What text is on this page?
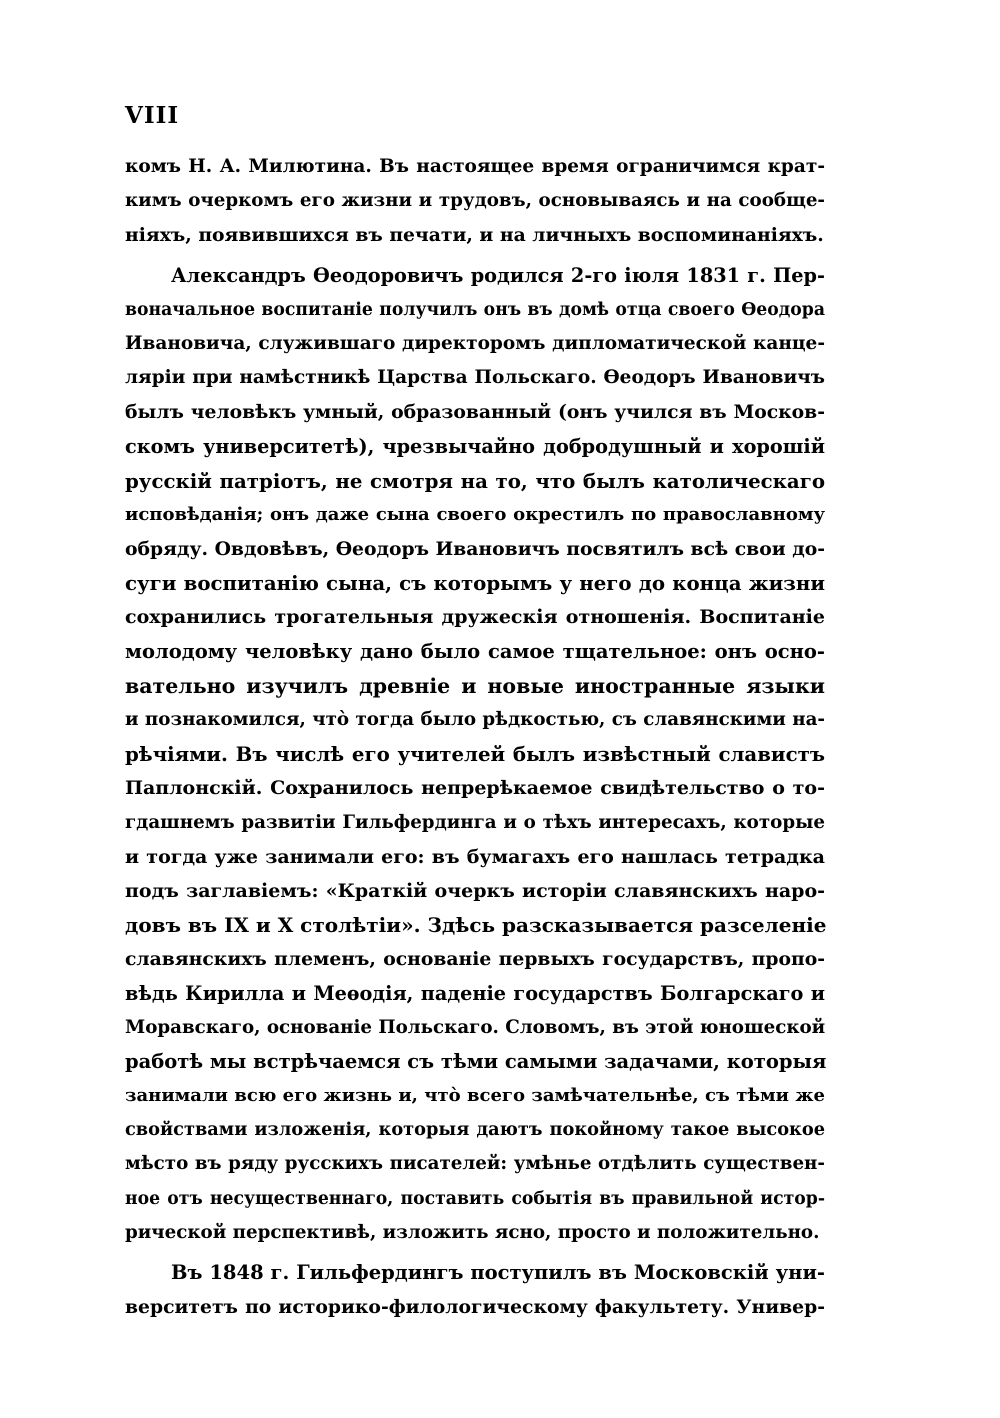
VIII
комъ Н. А. Милютина. Въ настоящее время ограничимся крат-
кимъ очеркомъ его жизни и трудовъ, основываясь и на сообще-
ніяхъ, появившихся въ печати, и на личныхъ воспоминаніяхъ.
Александръ Ѳеодоровичъ родился 2-го іюля 1831 г. Пер-
воначальное воспитаніе получилъ онъ въ домѣ отца своего Ѳеодора
Ивановича, служившаго директоромъ дипломатической канце-
ляріи при намѣстникѣ Царства Польскаго. Ѳеодоръ Ивановичъ
былъ человѣкъ умный, образованный (онъ учился въ Москов-
скомъ университетѣ), чрезвычайно добродушный и хорошій
русскій патріотъ, не смотря на то, что былъ католическаго
исповѣданія; онъ даже сына своего окрестилъ по православному
обряду. Овдовѣвъ, Ѳеодоръ Ивановичъ посвятилъ всѣ свои до-
суги воспитанію сына, съ которымъ у него до конца жизни
сохранились трогательныя дружескія отношенія. Воспитаніе
молодому человѣку дано было самое тщательное: онъ осно-
вательно изучилъ древніе и новые иностранные языки
и познакомился, что̀ тогда было рѣдкостью, съ славянскими на-
рѣчіями. Въ числѣ его учителей былъ извѣстный славистъ
Паплонскій. Сохранилось непрерѣкаемое свидѣтельство о то-
гдашнемъ развитіи Гильфердинга и о тѣхъ интересахъ, которые
и тогда уже занимали его: въ бумагахъ его нашлась тетрадка
подъ заглавіемъ: «Краткій очеркъ исторіи славянскихъ наро-
довъ въ IX и X столѣтіи». Здѣсь разсказывается разселеніе
славянскихъ племенъ, основаніе первыхъ государствъ, пропо-
вѣдь Кирилла и Меѳодія, паденіе государствъ Болгарскаго и
Моравскаго, основаніе Польскаго. Словомъ, въ этой юношеской
работѣ мы встрѣчаемся съ тѣми самыми задачами, которыя
занимали всю его жизнь и, что̀ всего замѣчательнѣе, съ тѣми же
свойствами изложенія, которыя даютъ покойному такое высокое
мѣсто въ ряду русскихъ писателей: умѣнье отдѣлить существен-
ное отъ несущественнаго, поставить событія въ правильной истор-
рической перспективѣ, изложить ясно, просто и положительно.
Въ 1848 г. Гильфердингъ поступилъ въ Московскій уни-
верситетъ по историко-филологическому факультету. Универ-
